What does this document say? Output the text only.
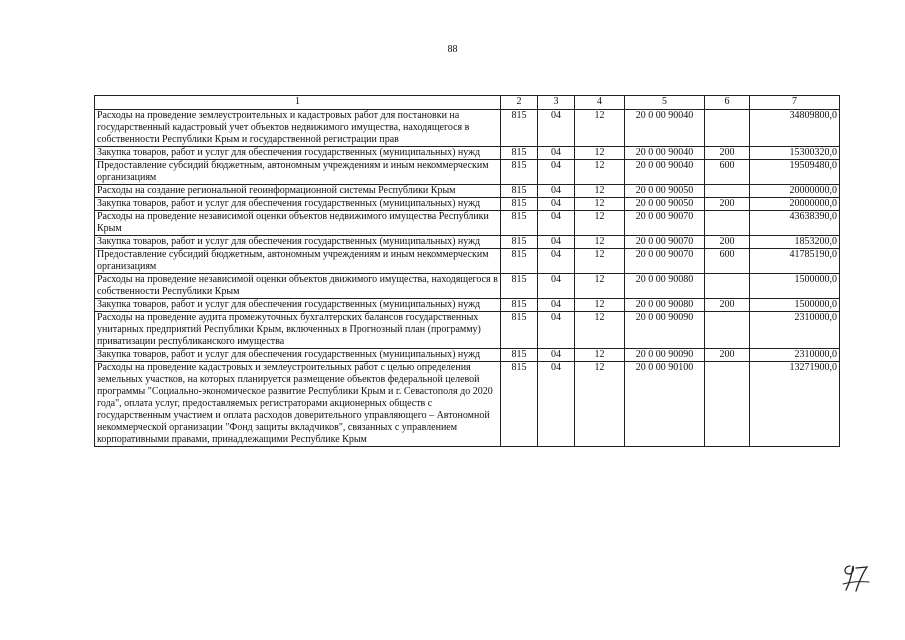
88
1	2	3	4	5	6	7
Расходы на проведение землеустроительных и кадастровых работ для постановки на государственный кадастровый учет объектов недвижимого имущества, находящегося в собственности Республики Крым и государственной регистрации прав	815	04	12	20 0 00 90040		34809800,0
Закупка товаров, работ и услуг для обеспечения государственных (муниципальных) нужд	815	04	12	20 0 00 90040	200	15300320,0
Предоставление субсидий бюджетным, автономным учреждениям и иным некоммерческим организациям	815	04	12	20 0 00 90040	600	19509480,0
Расходы на создание региональной геоинформационной системы Республики Крым	815	04	12	20 0 00 90050		20000000,0
Закупка товаров, работ и услуг для обеспечения государственных (муниципальных) нужд	815	04	12	20 0 00 90050	200	20000000,0
Расходы на проведение независимой оценки объектов недвижимого имущества Республики Крым	815	04	12	20 0 00 90070		43638390,0
Закупка товаров, работ и услуг для обеспечения государственных (муниципальных) нужд	815	04	12	20 0 00 90070	200	1853200,0
Предоставление субсидий бюджетным, автономным учреждениям и иным некоммерческим организациям	815	04	12	20 0 00 90070	600	41785190,0
Расходы на проведение независимой оценки объектов движимого имущества, находящегося в собственности Республики Крым	815	04	12	20 0 00 90080		1500000,0
Закупка товаров, работ и услуг для обеспечения государственных (муниципальных) нужд	815	04	12	20 0 00 90080	200	1500000,0
Расходы на проведение аудита промежуточных бухгалтерских балансов государственных унитарных предприятий Республики Крым, включенных в Прогнозный план (программу) приватизации республиканского имущества	815	04	12	20 0 00 90090		2310000,0
Закупка товаров, работ и услуг для обеспечения государственных (муниципальных) нужд	815	04	12	20 0 00 90090	200	2310000,0
Расходы на проведение кадастровых и землеустроительных работ с целью определения земельных участков, на которых планируется размещение объектов федеральной целевой программы "Социально-экономическое развитие Республики Крым и г. Севастополя до 2020 года", оплата услуг, предоставляемых регистраторами акционерных обществ с государственным участием и оплата расходов доверительного управляющего – Автономной некоммерческой организации "Фонд защиты вкладчиков", связанных с управлением корпоративными правами, принадлежащими Республике Крым	815	04	12	20 0 00 90100		13271900,0
